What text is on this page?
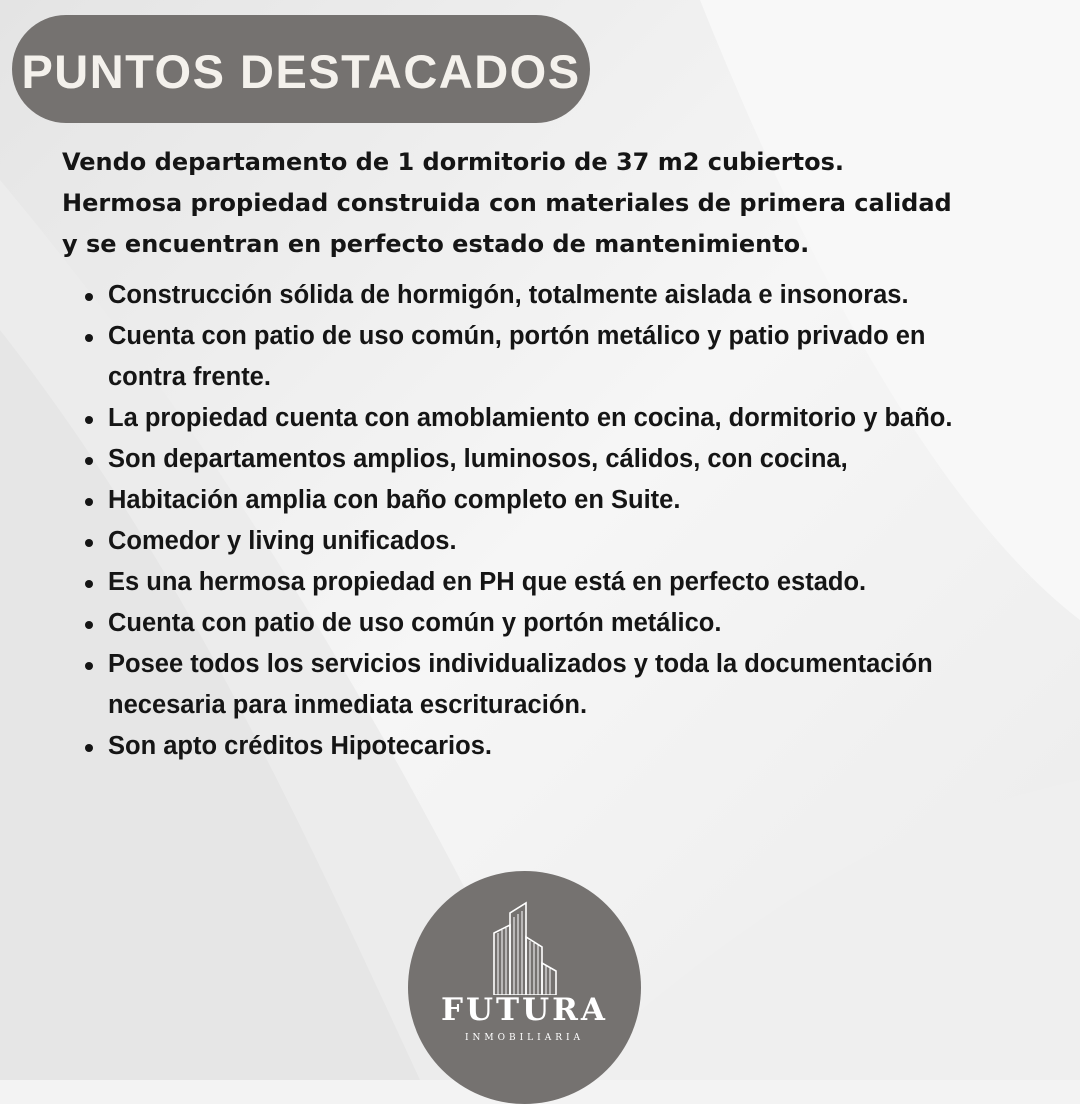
PUNTOS DESTACADOS

Vendo departamento de 1 dormitorio de 37 m2 cubiertos.
Hermosa propiedad construida con materiales de primera calidad
y se encuentran en perfecto estado de mantenimiento.

Construcción sólida de hormigón, totalmente aislada e insonoras.
Cuenta con patio de uso común, portón metálico y patio privado en contra frente.
La propiedad cuenta con amoblamiento en cocina, dormitorio y baño.
Son departamentos amplios, luminosos, cálidos, con cocina,
Habitación amplia con baño completo en Suite.
Comedor y living unificados.
Es una hermosa propiedad en PH que está en perfecto estado.
Cuenta con patio de uso común y portón metálico.
Posee todos los servicios individualizados y toda la documentación necesaria para inmediata escrituración.
Son apto créditos Hipotecarios.
FUTURA
INMOBILIARIA
